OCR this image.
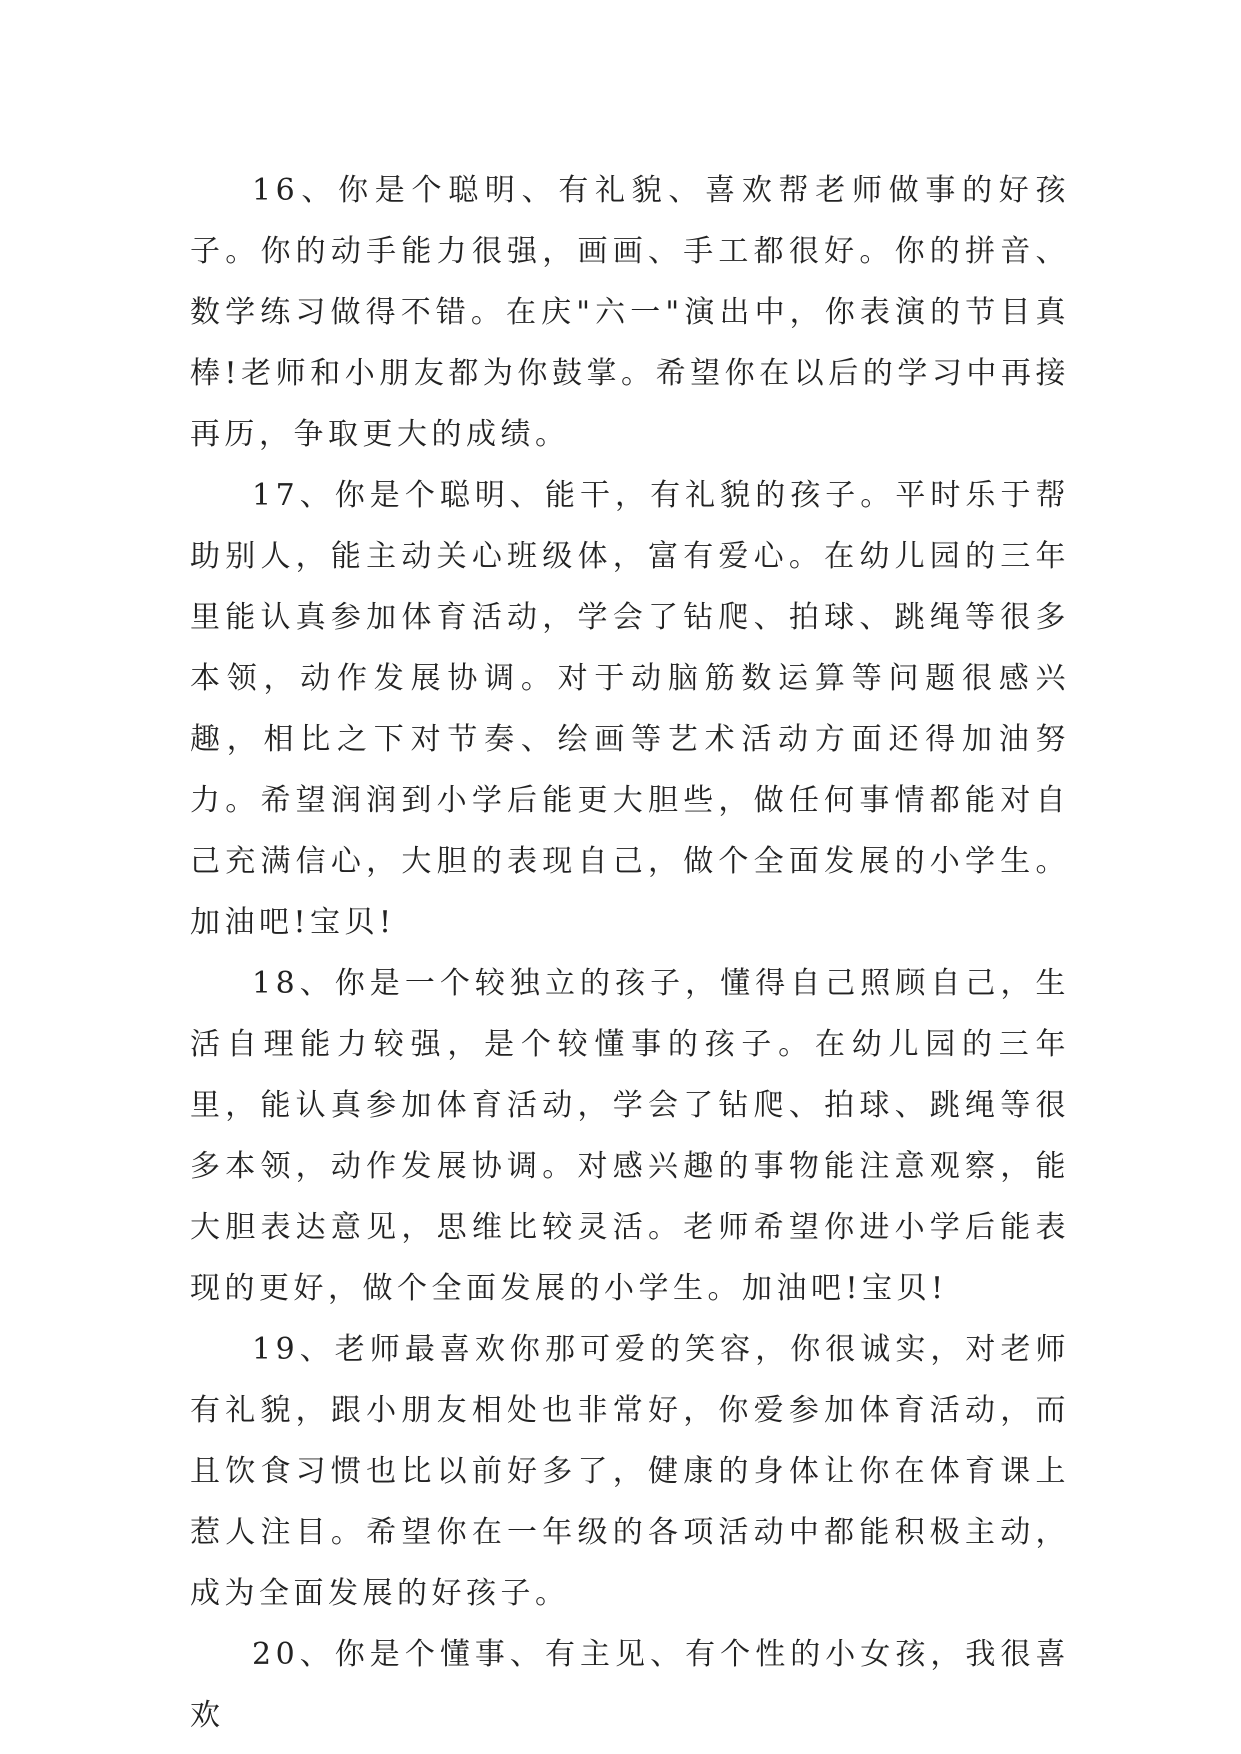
16、你是个聪明、有礼貌、喜欢帮老师做事的好孩子。你的动手能力很强，画画、手工都很好。你的拼音、数学练习做得不错。在庆"六一"演出中，你表演的节目真棒!老师和小朋友都为你鼓掌。希望你在以后的学习中再接再历，争取更大的成绩。

17、你是个聪明、能干，有礼貌的孩子。平时乐于帮助别人，能主动关心班级体，富有爱心。在幼儿园的三年里能认真参加体育活动，学会了钻爬、拍球、跳绳等很多本领，动作发展协调。对于动脑筋数运算等问题很感兴趣，相比之下对节奏、绘画等艺术活动方面还得加油努力。希望润润到小学后能更大胆些，做任何事情都能对自己充满信心，大胆的表现自己，做个全面发展的小学生。加油吧!宝贝!

18、你是一个较独立的孩子，懂得自己照顾自己，生活自理能力较强，是个较懂事的孩子。在幼儿园的三年里，能认真参加体育活动，学会了钻爬、拍球、跳绳等很多本领，动作发展协调。对感兴趣的事物能注意观察，能大胆表达意见，思维比较灵活。老师希望你进小学后能表现的更好，做个全面发展的小学生。加油吧!宝贝!

19、老师最喜欢你那可爱的笑容，你很诚实，对老师有礼貌，跟小朋友相处也非常好，你爱参加体育活动，而且饮食习惯也比以前好多了，健康的身体让你在体育课上惹人注目。希望你在一年级的各项活动中都能积极主动，成为全面发展的好孩子。

20、你是个懂事、有主见、有个性的小女孩，我很喜欢
